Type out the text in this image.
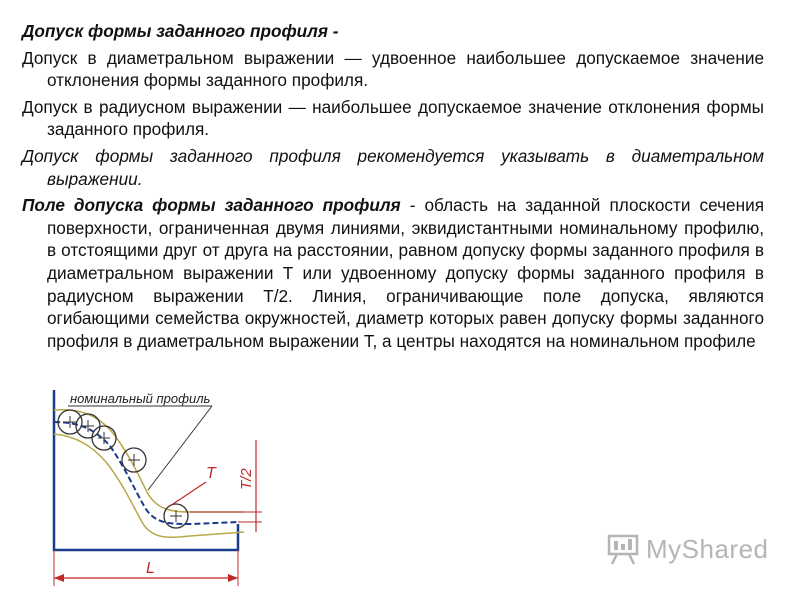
Допуск формы заданного профиля -

Допуск в диаметральном выражении — удвоенное наибольшее допускаемое значение отклонения формы заданного профиля.

Допуск в радиусном выражении — наибольшее допускаемое значение отклонения формы заданного профиля.

Допуск формы заданного профиля рекомендуется указывать в диаметральном выражении.

Поле допуска формы заданного профиля - область на заданной плоскости сечения поверхности, ограниченная двумя линиями, эквидистантными номинальному профилю, в отстоящими друг от друга на расстоянии, равном допуску формы заданного профиля в диаметральном выражении Т или удвоенному допуску формы заданного профиля в радиусном выражении Т/2. Линия, ограничивающие поле допуска, являются огибающими семейства окружностей, диаметр которых равен допуску формы заданного профиля в диаметральном выражении Т, а центры находятся на номинальном профиле

номинальный профиль
T T/2
L
MyShared
